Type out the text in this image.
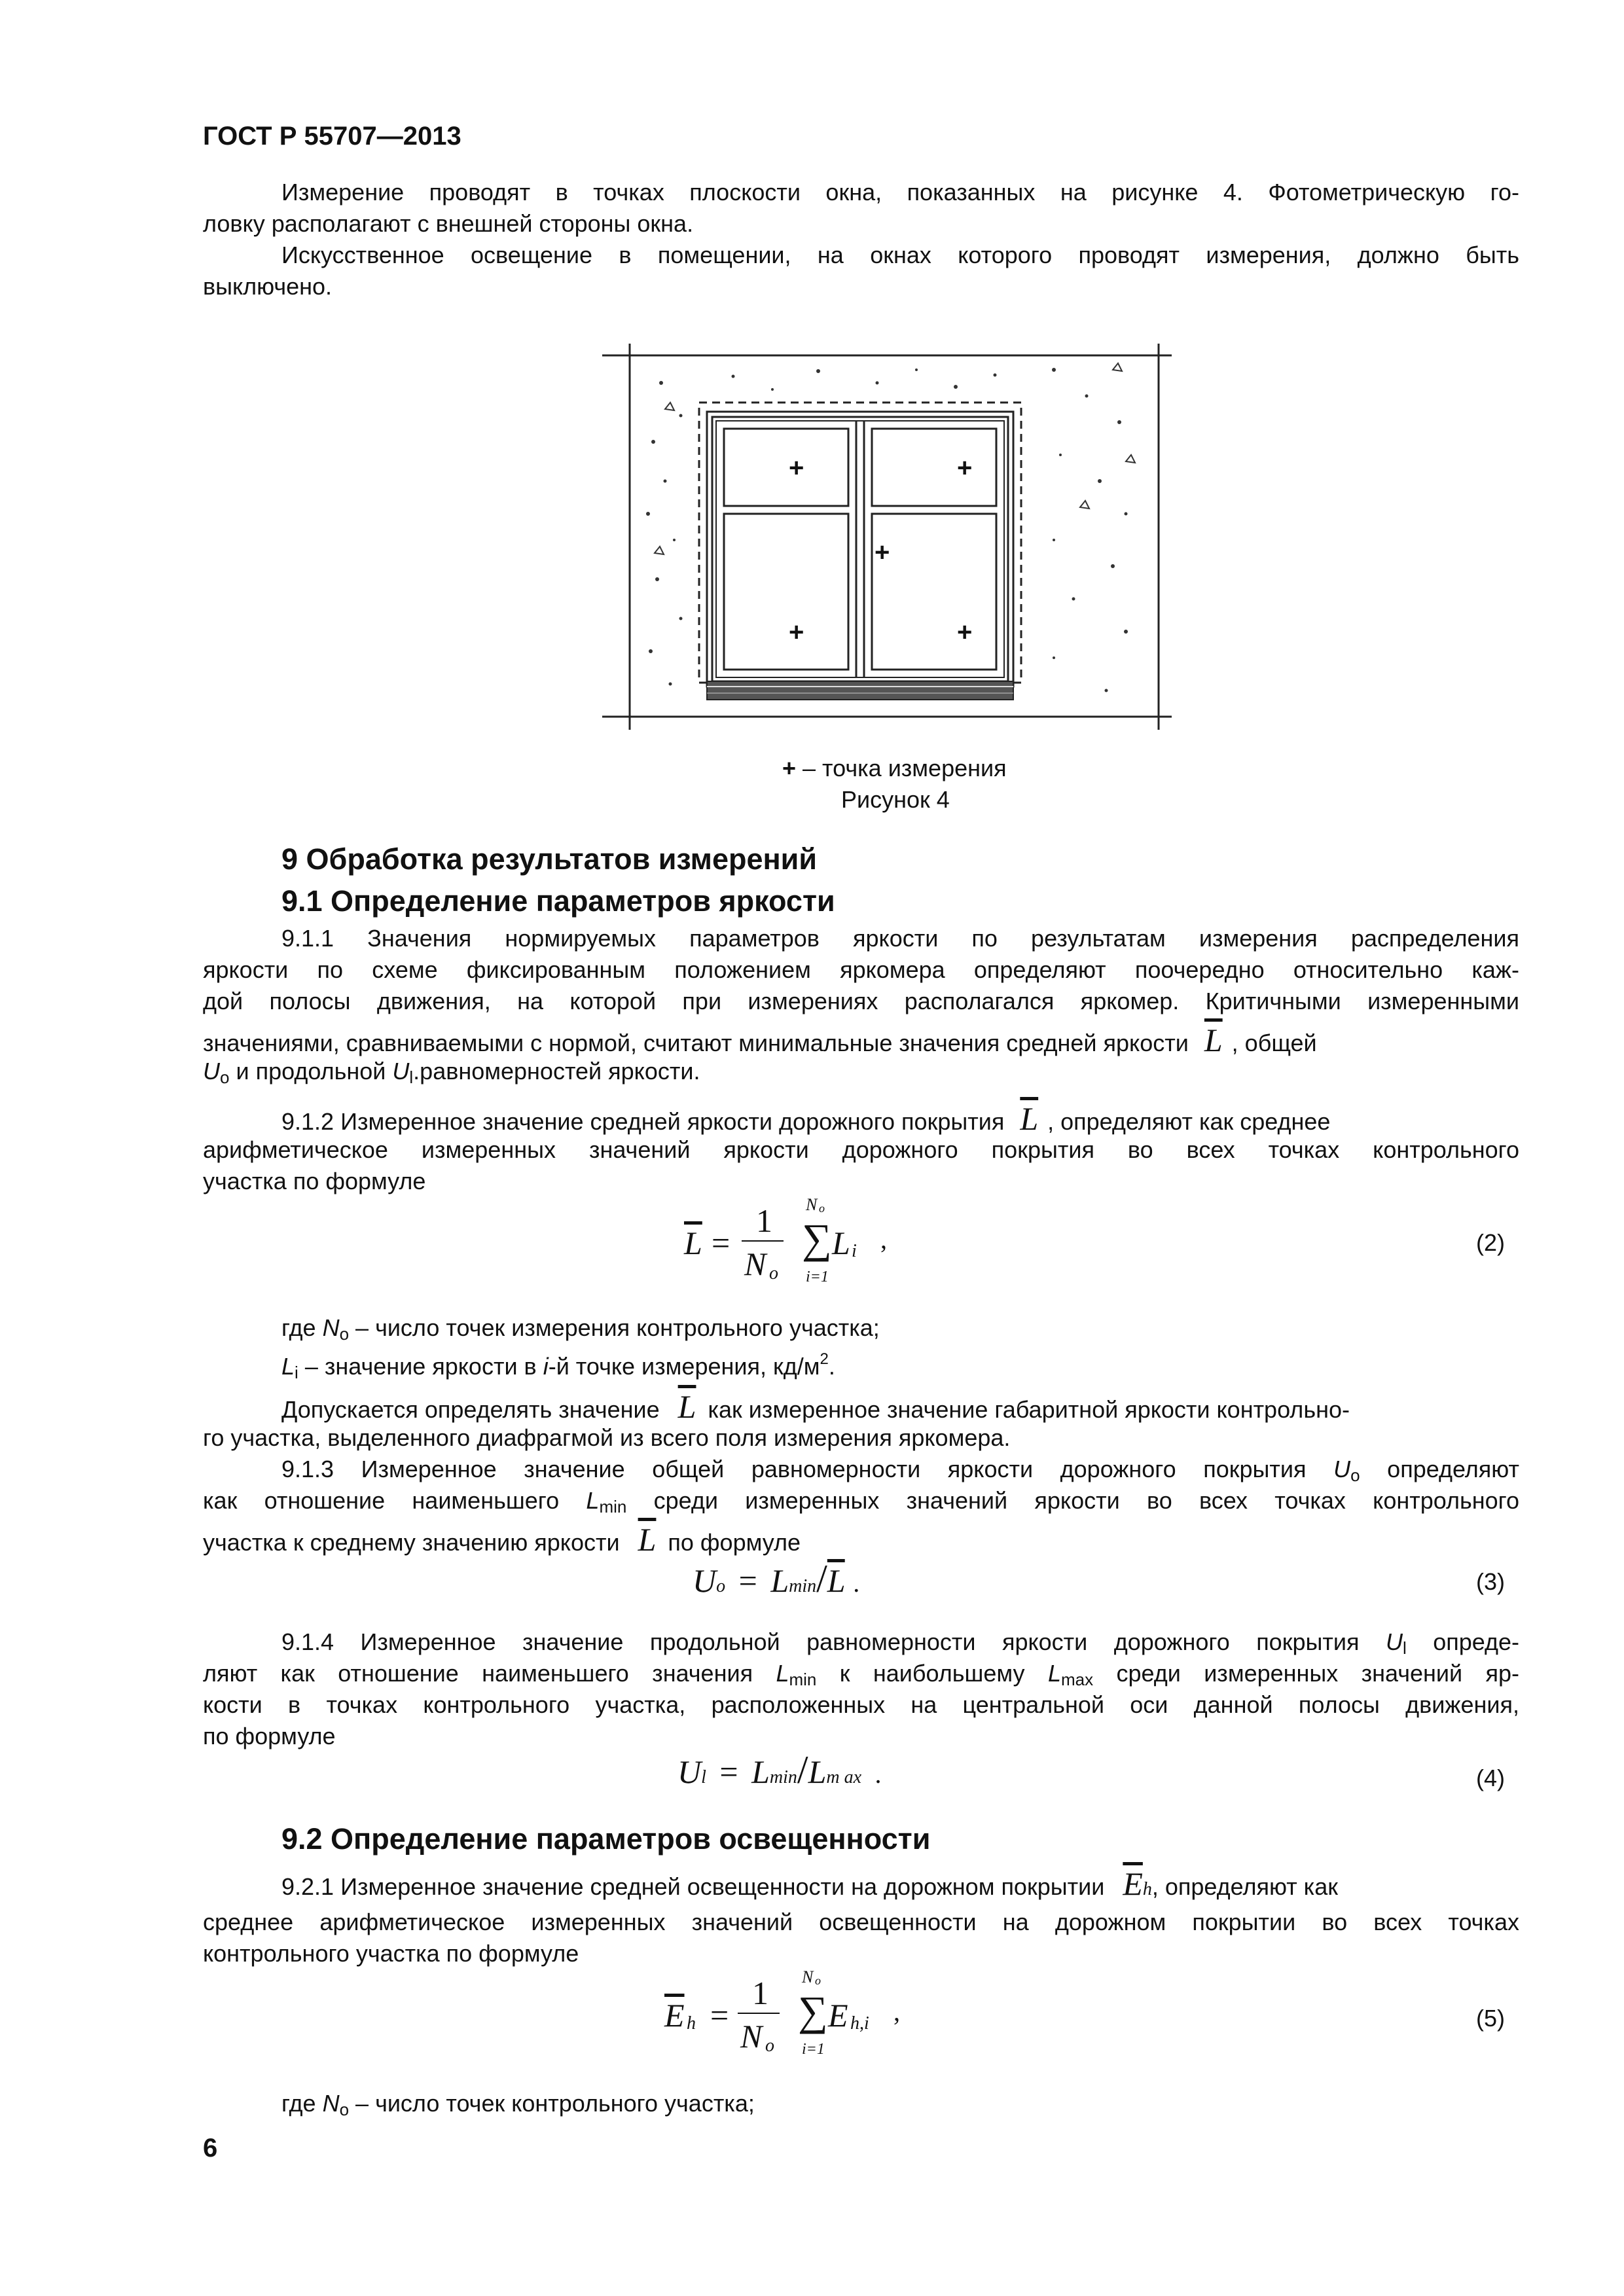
ГОСТ Р 55707—2013
Измерение проводят в точках плоскости окна, показанных на рисунке 4. Фотометрическую го-
ловку располагают с внешней стороны окна.
Искусственное освещение в помещении, на окнах которого проводят измерения, должно быть
выключено.
+	+
+
+	+
+ – точка измерения
Рисунок 4
9 Обработка результатов измерений
9.1 Определение параметров яркости
9.1.1 Значения нормируемых параметров яркости по результатам измерения распределения
яркости по схеме фиксированным положением яркомера определяют поочередно относительно каж-
дой полосы движения, на которой при измерениях располагался яркомер. Критичными измеренными
значениями, сравниваемыми с нормой, считают минимальные значения средней яркости $\overline{L}$ , общей
$U_o$ и продольной $U_l.равномерностей$ яркости.
9.1.2 Измеренное значение средней яркости дорожного покрытия $\overline{L}$ , определяют как среднее
арифметическое измеренных значений яркости дорожного покрытия во всех точках контрольного
участка по формуле
$\overline{L}$ =
1
N o
N o
∑
i=1
L i ,	(2)
где $N_o$ – число точек измерения контрольного участка;
$L_i$ – значение яркости в i-й точке измерения, $кд/м^2$.
Допускается определять значение $\overline{L}$ как измеренное значение габаритной яркости контрольно-
го участка, выделенного диафрагмой из всего поля измерения яркомера.
9.1.3 Измеренное значение общей равномерности яркости дорожного покрытия $U_o$ определяют
как отношение наименьшего $L_{min}$ среди измеренных значений яркости во всех точках контрольного
участка к среднему значению яркости $\overline{L}$ по формуле
Uo = Lmin/$\overline{L}$ .	(3)
9.1.4 Измеренное значение продольной равномерности яркости дорожного покрытия $U_l$ опреде-
ляют как отношение наименьшего значения $L_{min}$ к наибольшему $L_{max}$ среди измеренных значений яр-
кости в точках контрольного участка, расположенных на центральной оси данной полосы движения,
по формуле
Ul = Lmin/Lm ax .	(4)
9.2 Определение параметров освещенности
9.2.1 Измеренное значение средней освещенности на дорожном покрытии $\overline{E}h$, определяют как
среднее арифметическое измеренных значений освещенности на дорожном покрытии во всех точках
контрольного участка по формуле
$\overline{E}$ h =
1
N o
N o
∑
i=1
E h,i ,	(5)
где $N_o$ – число точек контрольного участка;
6
